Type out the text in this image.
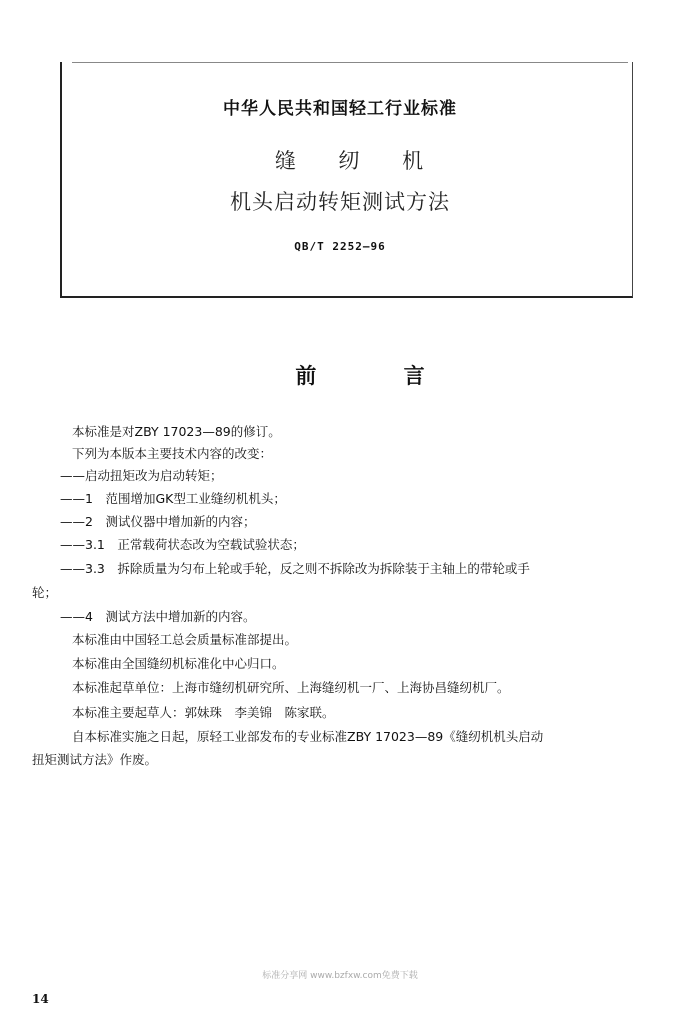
中华人民共和国轻工行业标准
缝 纫 机
机头启动转矩测试方法
QB/T 2252—96
前 言
本标准是对ZBY 17023—89的修订。
下列为本版本主要技术内容的改变：
——启动扭矩改为启动转矩；
——1　范围增加GK型工业缝纫机机头；
——2　测试仪器中增加新的内容；
——3.1　正常载荷状态改为空载试验状态；
——3.3　拆除质量为匀布上轮或手轮，反之则不拆除改为拆除装于主轴上的带轮或手
轮；
——4　测试方法中增加新的内容。
本标准由中国轻工总会质量标准部提出。
本标准由全国缝纫机标准化中心归口。
本标准起草单位：上海市缝纫机研究所、上海缝纫机一厂、上海协昌缝纫机厂。
本标准主要起草人：郭妹珠　李美锦　陈家联。
自本标准实施之日起，原轻工业部发布的专业标准ZBY 17023—89《缝纫机机头启动
扭矩测试方法》作废。
标准分享网 www.bzfxw.com免费下载
14
